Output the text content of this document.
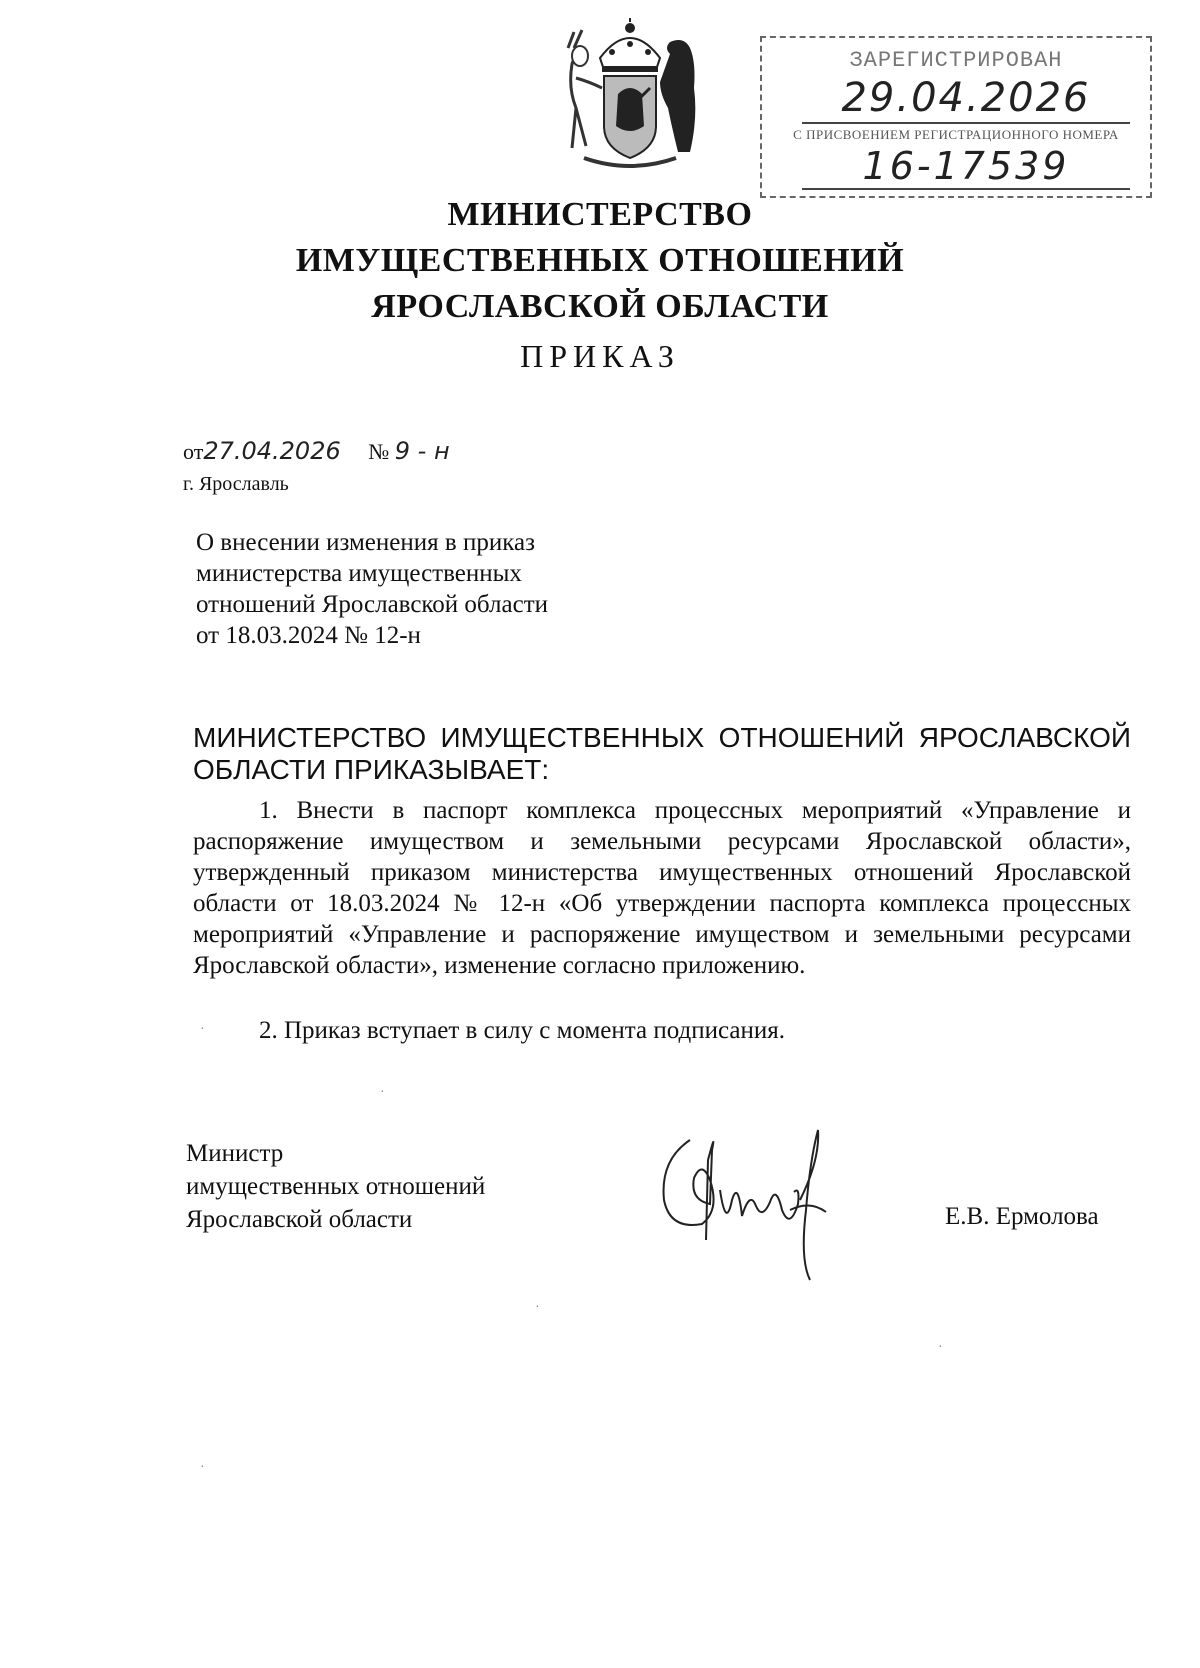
ЗАРЕГИСТРИРОВАН
29.04.2026
С ПРИСВОЕНИЕМ РЕГИСТРАЦИОННОГО НОМЕРА
16-17539
МИНИСТЕРСТВО
ИМУЩЕСТВЕННЫХ ОТНОШЕНИЙ
ЯРОСЛАВСКОЙ ОБЛАСТИ
ПРИКАЗ
от27.04.2026 № 9 - н
г. Ярославль
О внесении изменения в приказ
министерства имущественных
отношений Ярославской области
от 18.03.2024 № 12-н
МИНИСТЕРСТВО ИМУЩЕСТВЕННЫХ ОТНОШЕНИЙ ЯРОСЛАВСКОЙ ОБЛАСТИ ПРИКАЗЫВАЕТ:
1. Внести в паспорт комплекса процессных мероприятий «Управление и распоряжение имуществом и земельными ресурсами Ярославской области», утвержденный приказом министерства имущественных отношений Ярославской области от 18.03.2024 № 12-н «Об утверждении паспорта комплекса процессных мероприятий «Управление и распоряжение имуществом и земельными ресурсами Ярославской области», изменение согласно приложению.
2. Приказ вступает в силу с момента подписания.
Министр
имущественных отношений
Ярославской области	Е.В. Ермолова
·
·
·
·
·
